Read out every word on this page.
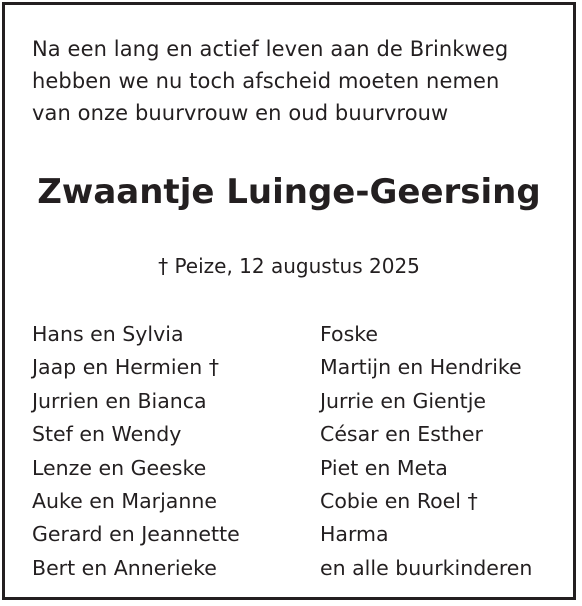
Na een lang en actief leven aan de Brinkweg
hebben we nu toch afscheid moeten nemen
van onze buurvrouw en oud buurvrouw
Zwaantje Luinge-Geersing
† Peize, 12 augustus 2025
Hans en Sylvia
Jaap en Hermien †
Jurrien en Bianca
Stef en Wendy
Lenze en Geeske
Auke en Marjanne
Gerard en Jeannette
Bert en Annerieke
Foske
Martijn en Hendrike
Jurrie en Gientje
César en Esther
Piet en Meta
Cobie en Roel †
Harma
en alle buurkinderen
